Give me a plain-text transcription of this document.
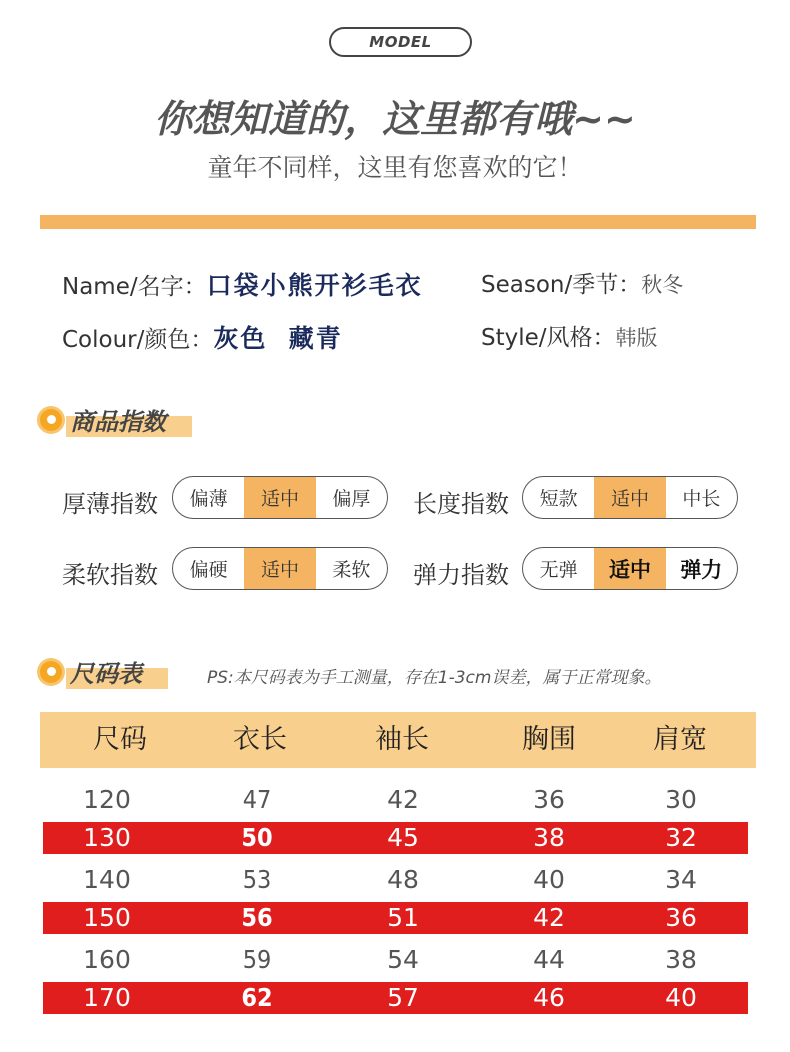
MODEL
你想知道的，这里都有哦~~
童年不同样，这里有您喜欢的它！
Name/名字：口袋小熊开衫毛衣
Colour/颜色：灰色  藏青
Season/季节：秋冬
Style/风格：韩版
商品指数
厚薄指数	偏薄	适中	偏厚	长度指数	短款	适中	中长
柔软指数	偏硬	适中	柔软	弹力指数	无弹	适中	弹力
尺码表	PS:本尺码表为手工测量，存在1-3cm误差，属于正常现象。
尺码	衣长	袖长	胸围	肩宽
120	47	42	36	30
130	50	45	38	32
140	53	48	40	34
150	56	51	42	36
160	59	54	44	38
170	62	57	46	40
